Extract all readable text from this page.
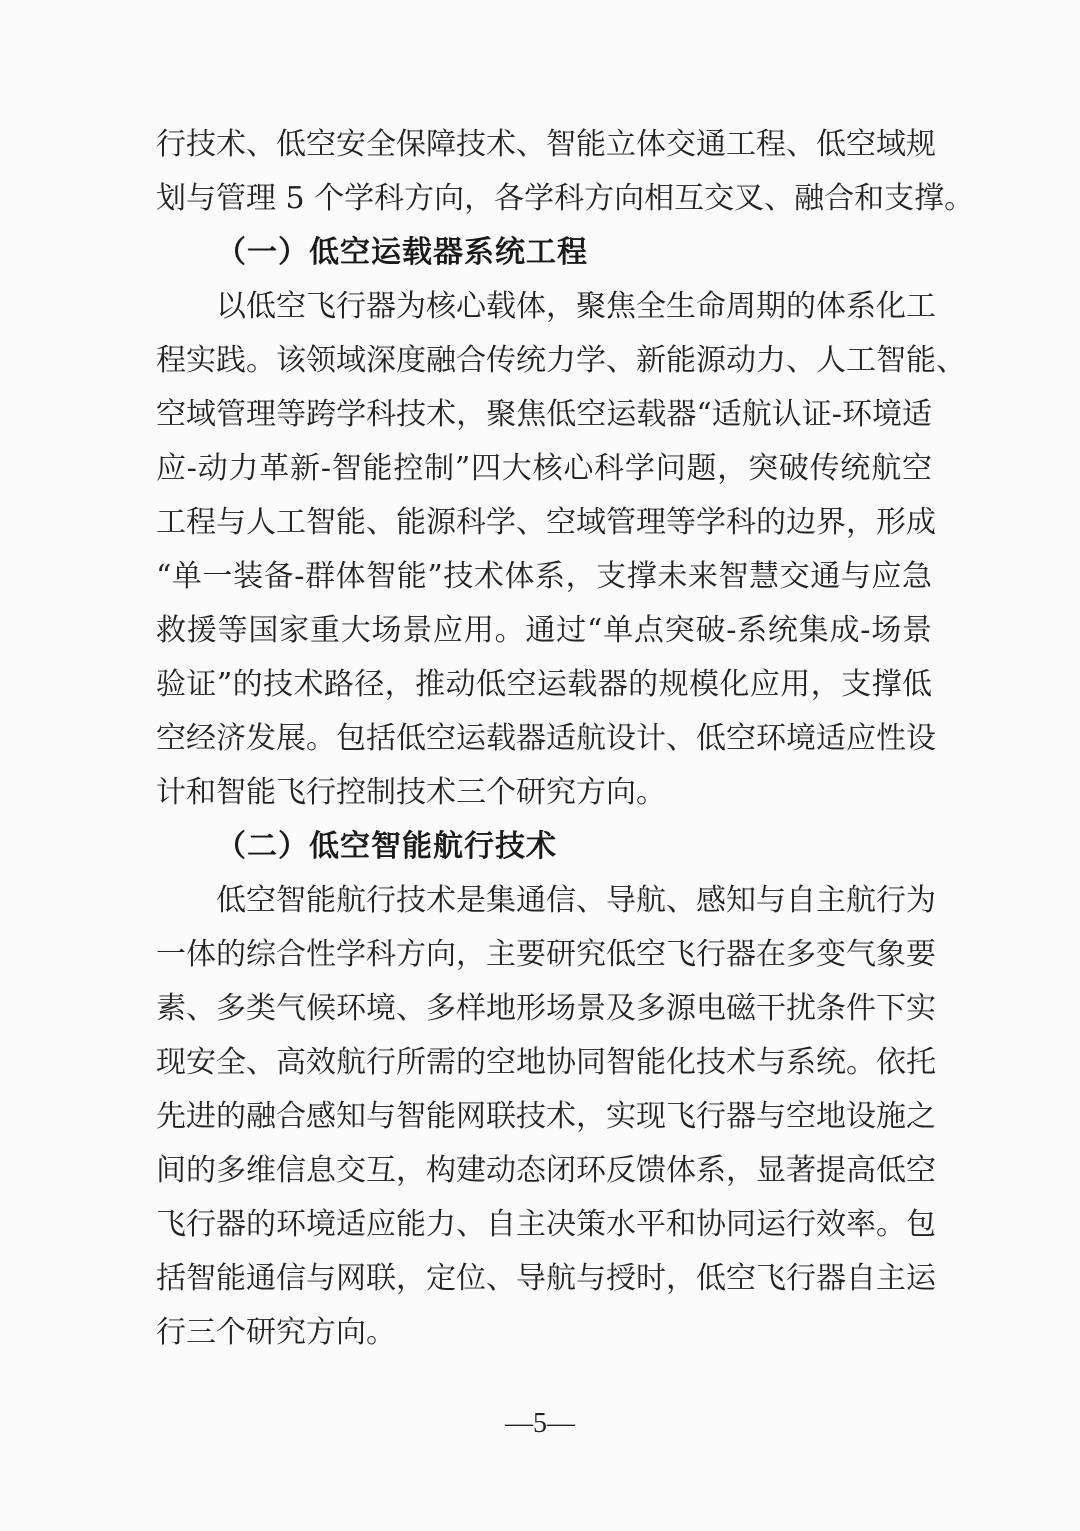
行技术、低空安全保障技术、智能立体交通工程、低空域规
划与管理 5 个学科方向，各学科方向相互交叉、融合和支撑。
（一）低空运载器系统工程
以低空飞行器为核心载体，聚焦全生命周期的体系化工
程实践。该领域深度融合传统力学、新能源动力、人工智能、
空域管理等跨学科技术，聚焦低空运载器“适航认证-环境适
应-动力革新-智能控制”四大核心科学问题，突破传统航空
工程与人工智能、能源科学、空域管理等学科的边界，形成
“单一装备-群体智能”技术体系，支撑未来智慧交通与应急
救援等国家重大场景应用。通过“单点突破-系统集成-场景
验证”的技术路径，推动低空运载器的规模化应用，支撑低
空经济发展。包括低空运载器适航设计、低空环境适应性设
计和智能飞行控制技术三个研究方向。
（二）低空智能航行技术
低空智能航行技术是集通信、导航、感知与自主航行为
一体的综合性学科方向，主要研究低空飞行器在多变气象要
素、多类气候环境、多样地形场景及多源电磁干扰条件下实
现安全、高效航行所需的空地协同智能化技术与系统。依托
先进的融合感知与智能网联技术，实现飞行器与空地设施之
间的多维信息交互，构建动态闭环反馈体系，显著提高低空
飞行器的环境适应能力、自主决策水平和协同运行效率。包
括智能通信与网联，定位、导航与授时，低空飞行器自主运
行三个研究方向。
—5—
